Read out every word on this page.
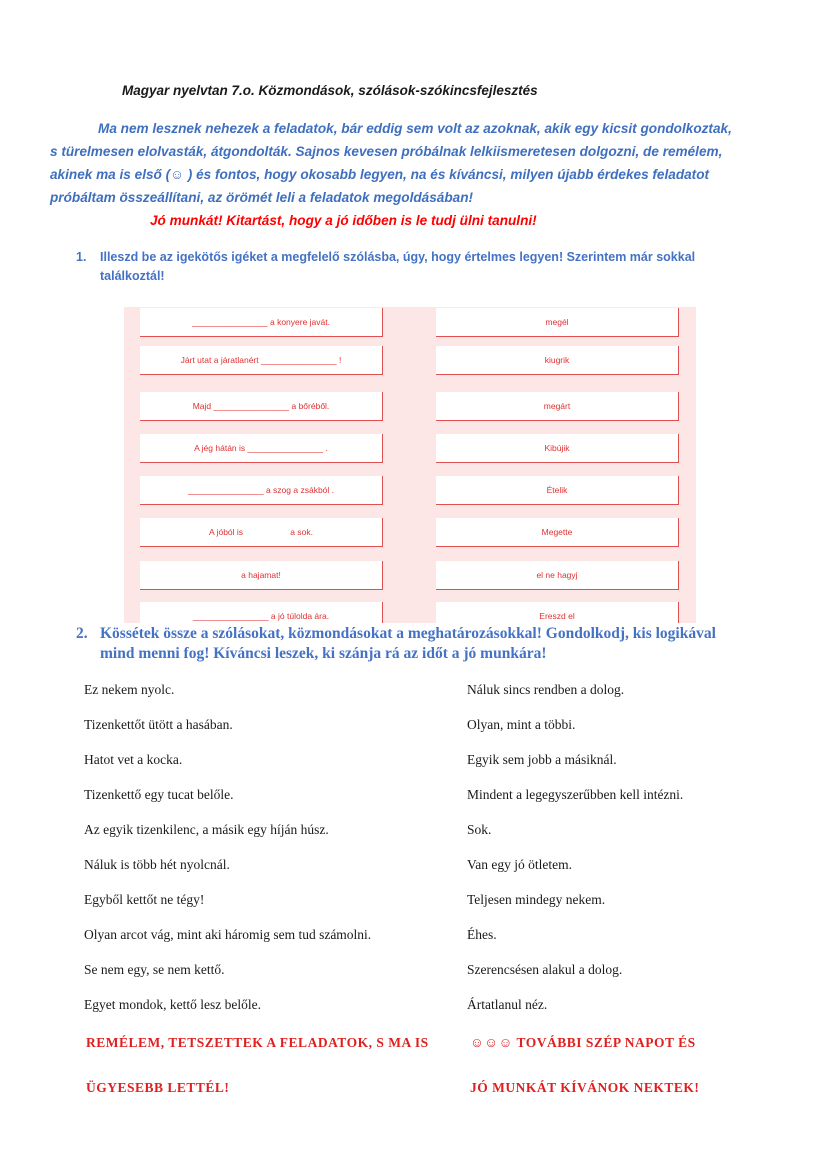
Magyar nyelvtan 7.o. Közmondások, szólások-szókincsfejlesztés
Ma nem lesznek nehezek a feladatok, bár eddig sem volt az azoknak, akik egy kicsit gondolkoztak,
s türelmesen elolvasták, átgondolták. Sajnos kevesen próbálnak lelkiismeretesen dolgozni, de remélem,
akinek ma is első (☺ ) és fontos, hogy okosabb legyen, na és kíváncsi, milyen újabb érdekes feladatot
próbáltam összeállítani, az örömét leli a feladatok megoldásában!
Jó munkát! Kitartást, hogy a jó időben is le tudj ülni tanulni!
1. Illeszd be az igekötős igéket a megfelelő szólásba, úgy, hogy értelmes legyen! Szerintem már sokkal
találkoztál!
________________ a konyere javát.
Járt utat a járatlanért ________________ !
Majd ________________ a bőréből.
A jég hátán is ________________ .
________________ a szog a zsákból .
A jóból is                    a sok.
a hajamat!
________________ a jó túlolda ára.
megél
kiugrik
megárt
Kibújik
Ételik
Megette
el ne hagyj
Ereszd el
2. Kössétek össze a szólásokat, közmondásokat a meghatározásokkal! Gondolkodj, kis logikával
mind menni fog! Kíváncsi leszek, ki szánja rá az időt a jó munkára!
Ez nekem nyolc.
Tizenkettőt ütött a hasában.
Hatot vet a kocka.
Tizenkettő egy tucat belőle.
Az egyik tizenkilenc, a másik egy híján húsz.
Náluk is több hét nyolcnál.
Egyből kettőt ne tégy!
Olyan arcot vág, mint aki háromig sem tud számolni.
Se nem egy, se nem kettő.
Egyet mondok, kettő lesz belőle.
Náluk sincs rendben a dolog.
Olyan, mint a többi.
Egyik sem jobb a másiknál.
Mindent a legegyszerűbben kell intézni.
Sok.
Van egy jó ötletem.
Teljesen mindegy nekem.
Éhes.
Szerencsésen alakul a dolog.
Ártatlanul néz.
REMÉLEM, TETSZETTEK A FELADATOK, S MA IS	☺☺☺ TOVÁBBI SZÉP NAPOT ÉS
ÜGYESEBB LETTÉL!	JÓ MUNKÁT KÍVÁNOK NEKTEK!
